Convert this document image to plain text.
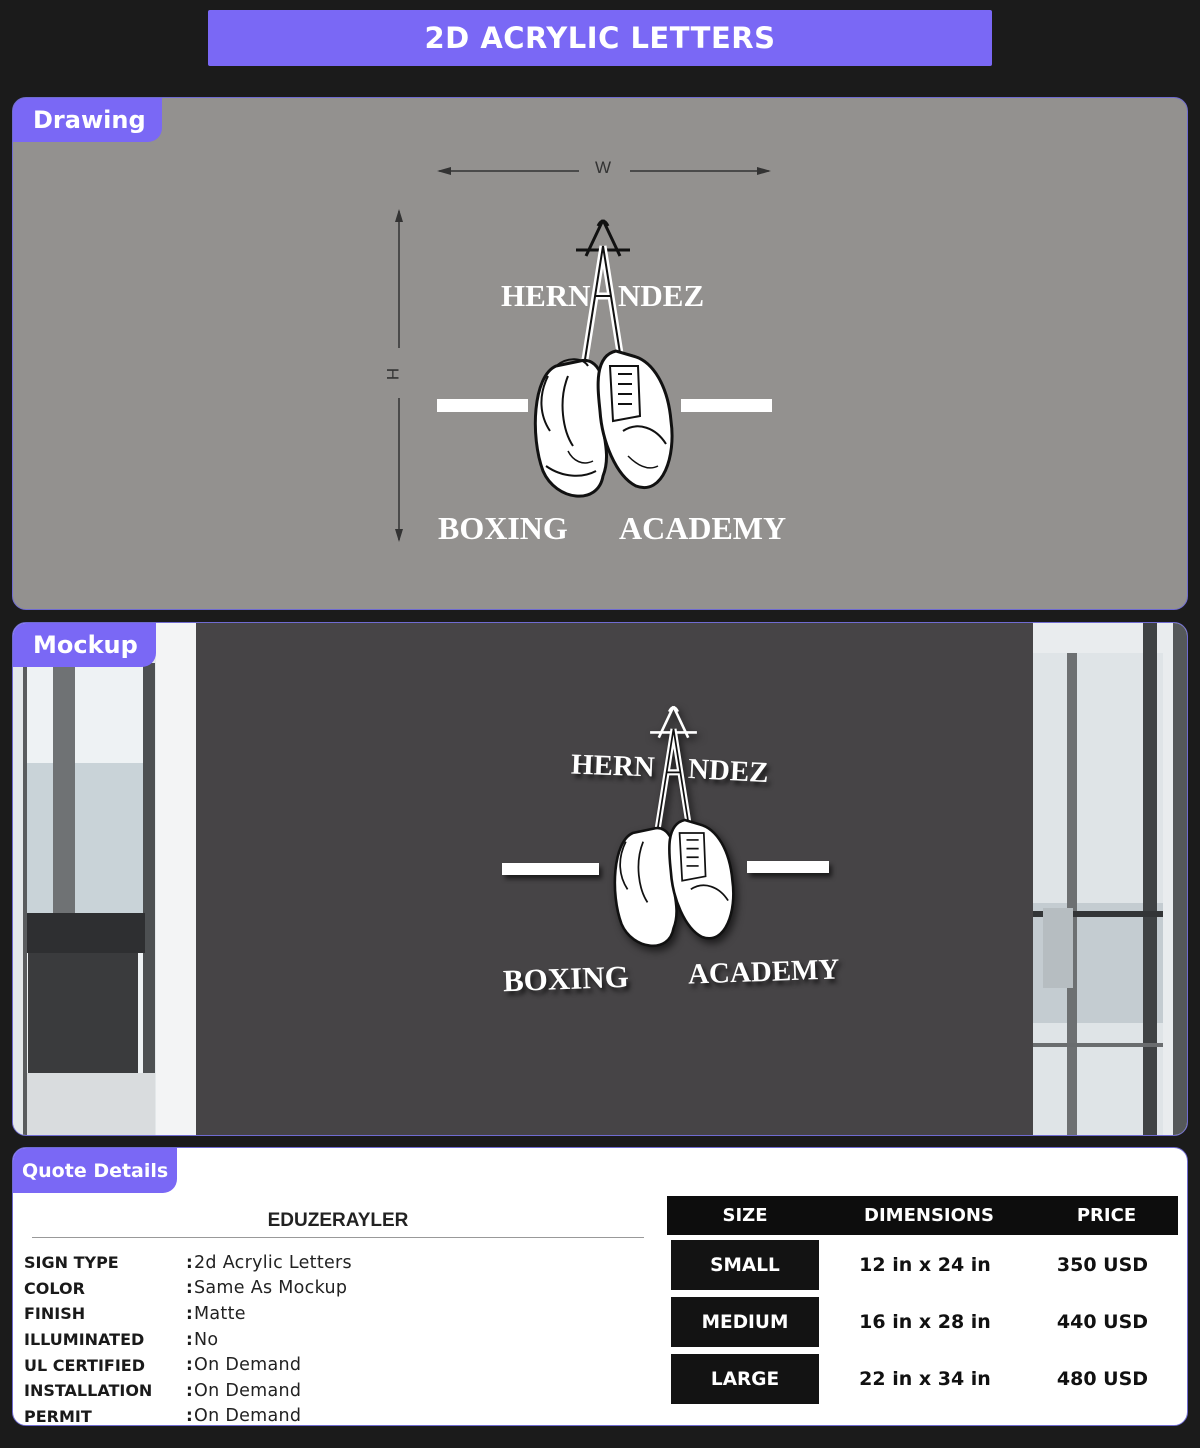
2D ACRYLIC LETTERS
Drawing
W
H
HERN NDEZ
BOXING ACADEMY
Mockup
HERN NDEZ
BOXING ACADEMY
Quote Details
EDUZERAYLER
SIGN TYPE	: 2d Acrylic Letters
COLOR	: Same As Mockup
FINISH	: Matte
ILLUMINATED	: No
UL CERTIFIED	: On Demand
INSTALLATION	: On Demand
PERMIT	: On Demand
SIZE	DIMENSIONS	PRICE
SMALL	12 in x 24 in	350 USD
MEDIUM	16 in x 28 in	440 USD
LARGE	22 in x 34 in	480 USD
